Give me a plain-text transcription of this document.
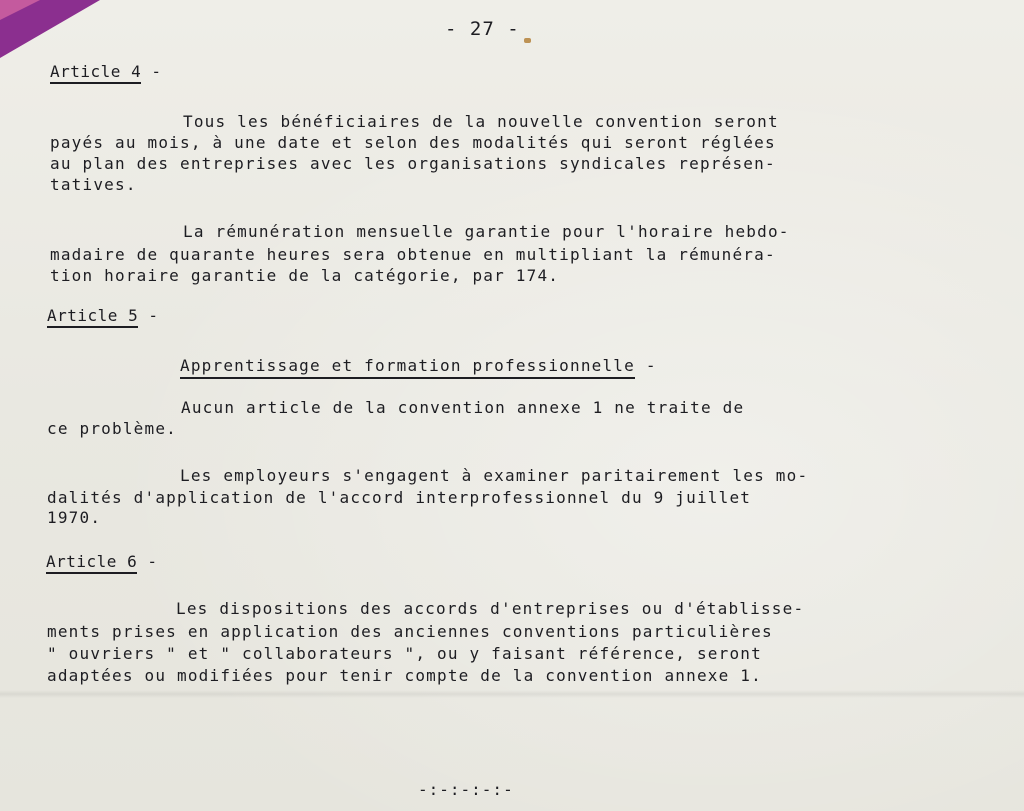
- 27 -
Article 4 -
Tous les bénéficiaires de la nouvelle convention seront
payés au mois, à une date et selon des modalités qui seront réglées
au plan des entreprises avec les organisations syndicales représen-
tatives.
La rémunération mensuelle garantie pour l'horaire hebdo-
madaire de quarante heures sera obtenue en multipliant la rémunéra-
tion horaire garantie de la catégorie, par 174.
Article 5 -
Apprentissage et formation professionnelle -
Aucun article de la convention annexe 1 ne traite de
ce problème.
Les employeurs s'engagent à examiner paritairement les mo-
dalités d'application de l'accord interprofessionnel du 9 juillet
1970.
Article 6 -
Les dispositions des accords d'entreprises ou d'établisse-
ments prises en application des anciennes conventions particulières
" ouvriers " et " collaborateurs ", ou y faisant référence, seront
adaptées ou modifiées pour tenir compte de la convention annexe 1.
-:-:-:-:-
